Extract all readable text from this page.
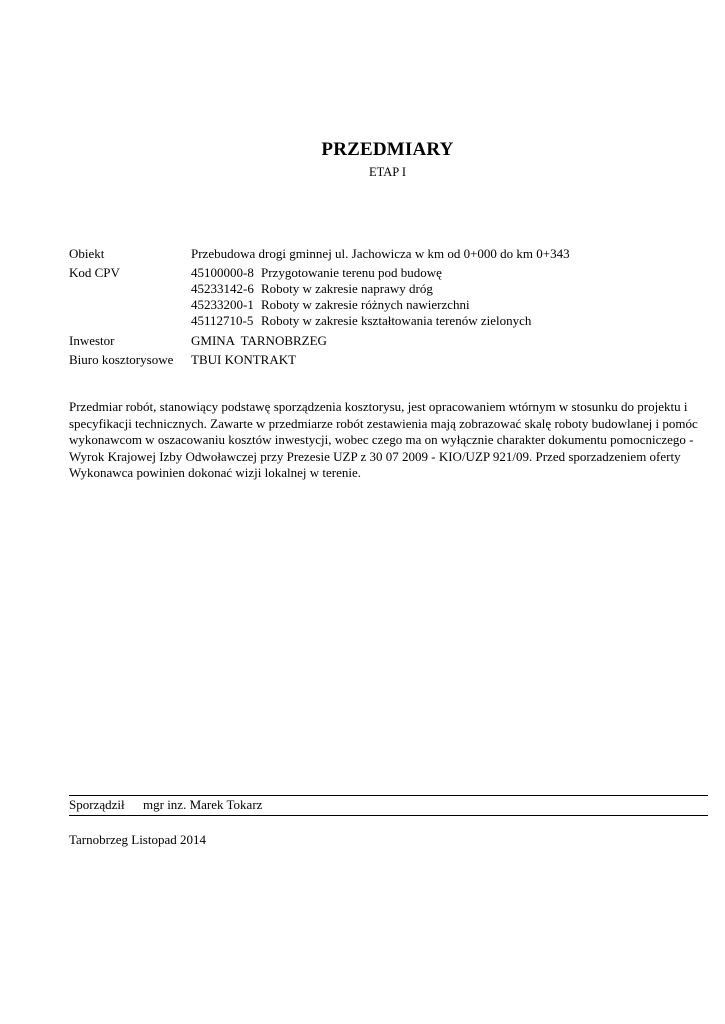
PRZEDMIARY
ETAP I
Obiekt	Przebudowa drogi gminnej ul. Jachowicza w km od 0+000 do km 0+343
Kod CPV	45100000-8 Przygotowanie terenu pod budowę
45233142-6 Roboty w zakresie naprawy dróg
45233200-1 Roboty w zakresie różnych nawierzchni
45112710-5 Roboty w zakresie kształtowania terenów zielonych
Inwestor	GMINA  TARNOBRZEG
Biuro kosztorysowe	TBUI KONTRAKT
Przedmiar robót, stanowiący podstawę sporządzenia kosztorysu, jest opracowaniem wtórnym w stosunku do projektu i specyfikacji technicznych. Zawarte w przedmiarze robót zestawienia mają zobrazować skalę roboty budowlanej i pomóc wykonawcom w oszacowaniu kosztów inwestycji, wobec czego ma on wyłącznie charakter dokumentu pomocniczego - Wyrok Krajowej Izby Odwoławczej przy Prezesie UZP z 30 07 2009 - KIO/UZP 921/09. Przed sporzadzeniem oferty Wykonawca powinien dokonać wizji lokalnej w terenie.
Sporządził	mgr inz. Marek Tokarz
Tarnobrzeg Listopad 2014
